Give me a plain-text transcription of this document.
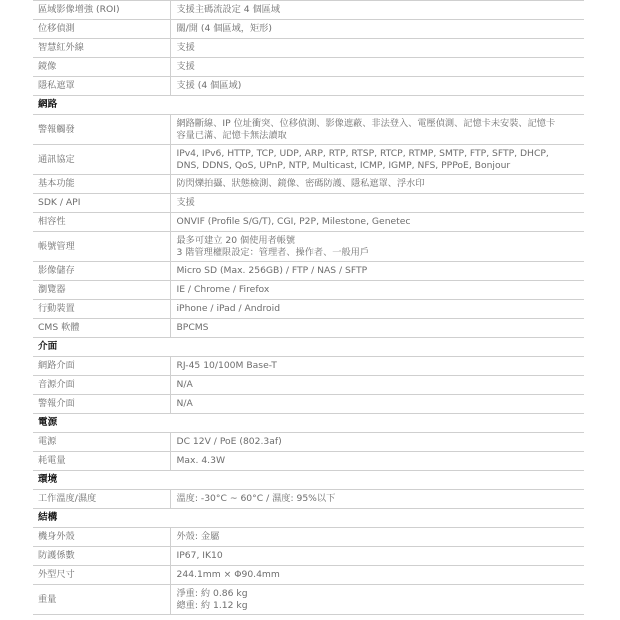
區域影像增強 (ROI)	支援主碼流設定 4 個區域

位移偵測	關/開 (4 個區域，矩形)

智慧紅外線	支援

鏡像	支援

隱私遮罩	支援 (4 個區域)

網路	
警報觸發	網路斷線、IP 位址衝突、位移偵測、影像遮蔽、非法登入、電壓偵測、記憶卡未安裝、記憶卡
容量已滿、記憶卡無法讀取

通訊協定	IPv4, IPv6, HTTP, TCP, UDP, ARP, RTP, RTSP, RTCP, RTMP, SMTP, FTP, SFTP, DHCP,
DNS, DDNS, QoS, UPnP, NTP, Multicast, ICMP, IGMP, NFS, PPPoE, Bonjour

基本功能	防閃爍拍攝、狀態檢測、鏡像、密碼防護、隱私遮罩、浮水印

SDK / API	支援

相容性	ONVIF (Profile S/G/T), CGI, P2P, Milestone, Genetec

帳號管理	最多可建立 20 個使用者帳號
3 階管理權限設定：管理者、操作者、一般用戶

影像儲存	Micro SD (Max. 256GB) / FTP / NAS / SFTP

瀏覽器	IE / Chrome / Firefox

行動裝置	iPhone / iPad / Android

CMS 軟體	BPCMS

介面	
網路介面	RJ-45 10/100M Base-T

音源介面	N/A

警報介面	N/A

電源	
電源	DC 12V / PoE (802.3af)

耗電量	Max. 4.3W

環境	
工作溫度/濕度	溫度: -30°C ~ 60°C / 濕度: 95%以下

結構	
機身外殼	外殼: 金屬

防護係數	IP67, IK10

外型尺寸	244.1mm × Φ90.4mm

重量	淨重: 約 0.86 kg
總重: 約 1.12 kg
